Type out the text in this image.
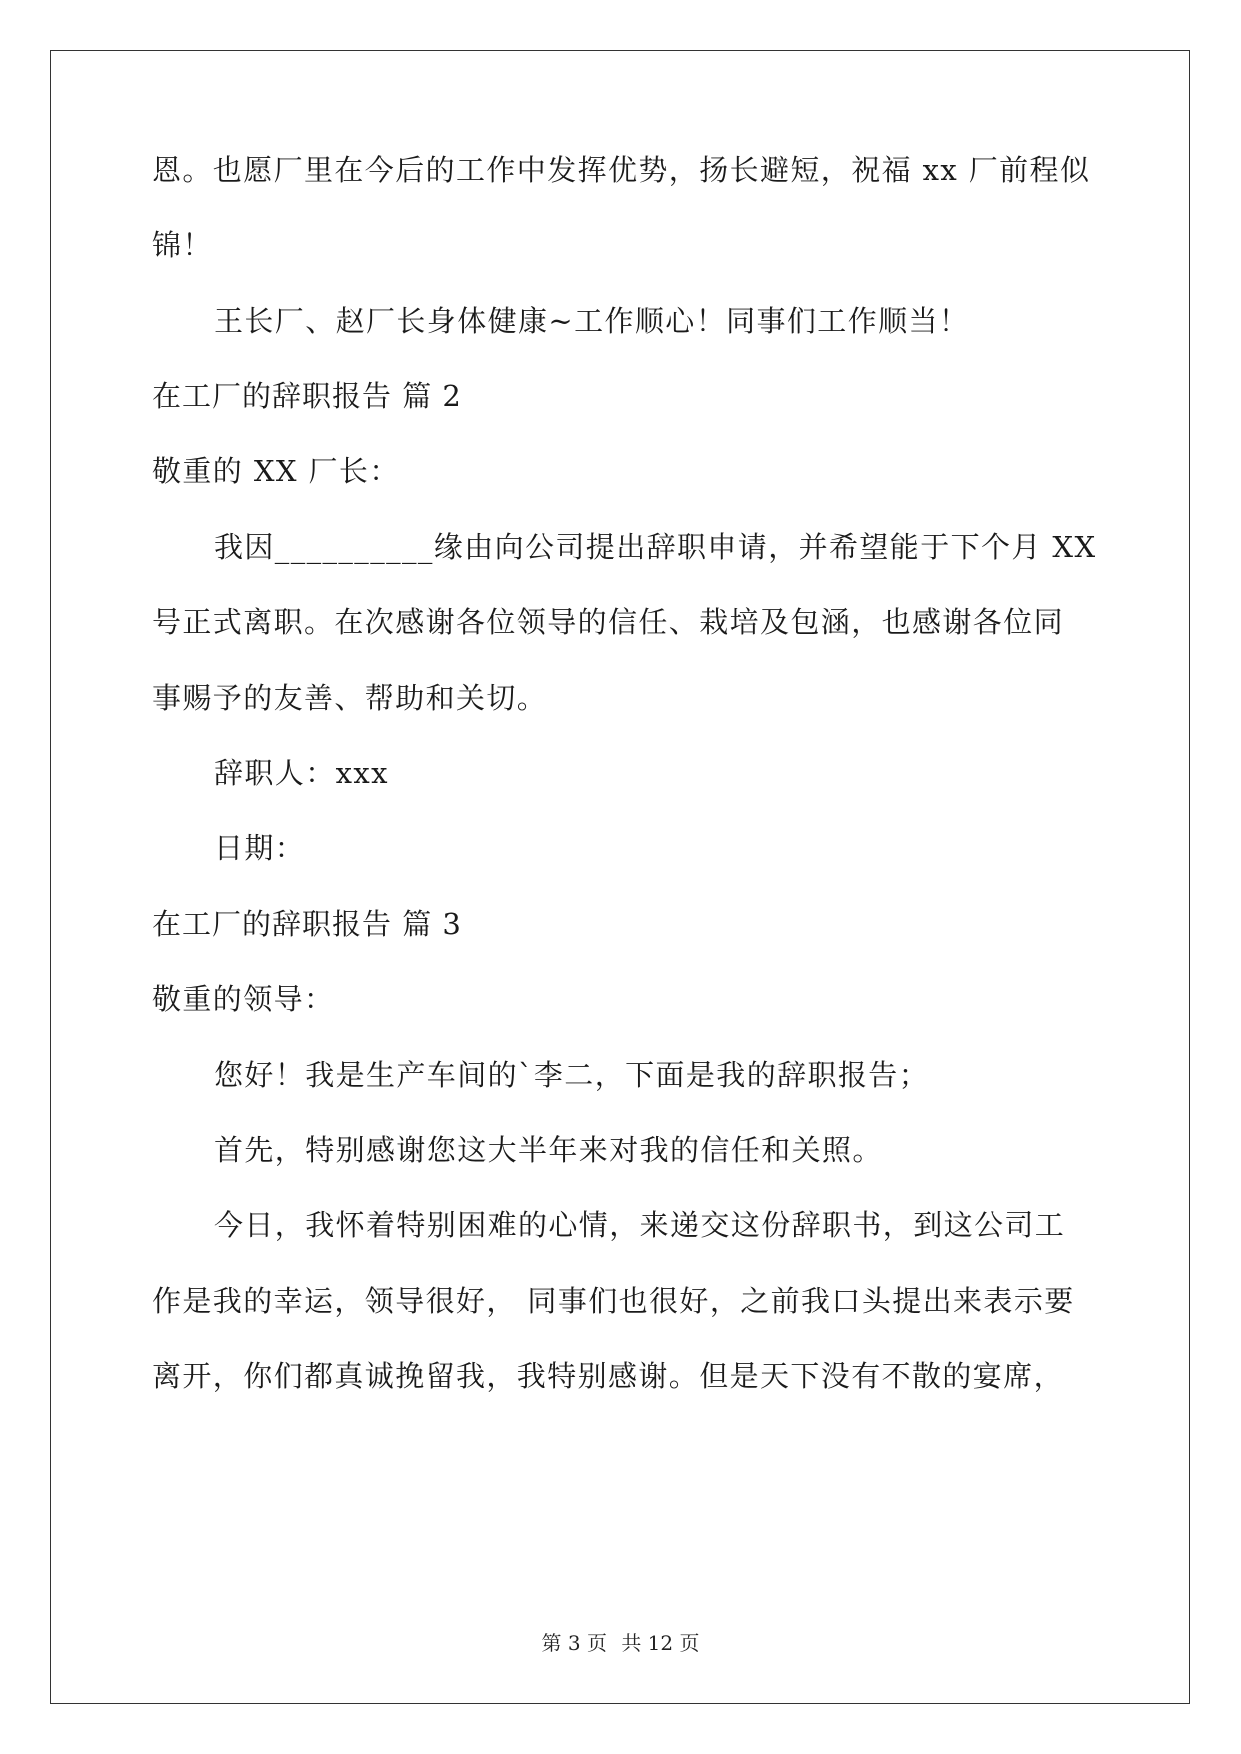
恩。也愿厂里在今后的工作中发挥优势，扬长避短，祝福 xx 厂前程似
锦！
王长厂、赵厂长身体健康~工作顺心！同事们工作顺当！
在工厂的辞职报告 篇 2
敬重的 XX 厂长：
我因__________缘由向公司提出辞职申请，并希望能于下个月 XX
号正式离职。在次感谢各位领导的信任、栽培及包涵，也感谢各位同
事赐予的友善、帮助和关切。
辞职人：xxx
日期：
在工厂的辞职报告 篇 3
敬重的领导：
您好！我是生产车间的`李二，下面是我的辞职报告；
首先，特别感谢您这大半年来对我的信任和关照。
今日，我怀着特别困难的心情，来递交这份辞职书，到这公司工
作是我的幸运，领导很好， 同事们也很好，之前我口头提出来表示要
离开，你们都真诚挽留我，我特别感谢。但是天下没有不散的宴席，
第 3 页 共 12 页
